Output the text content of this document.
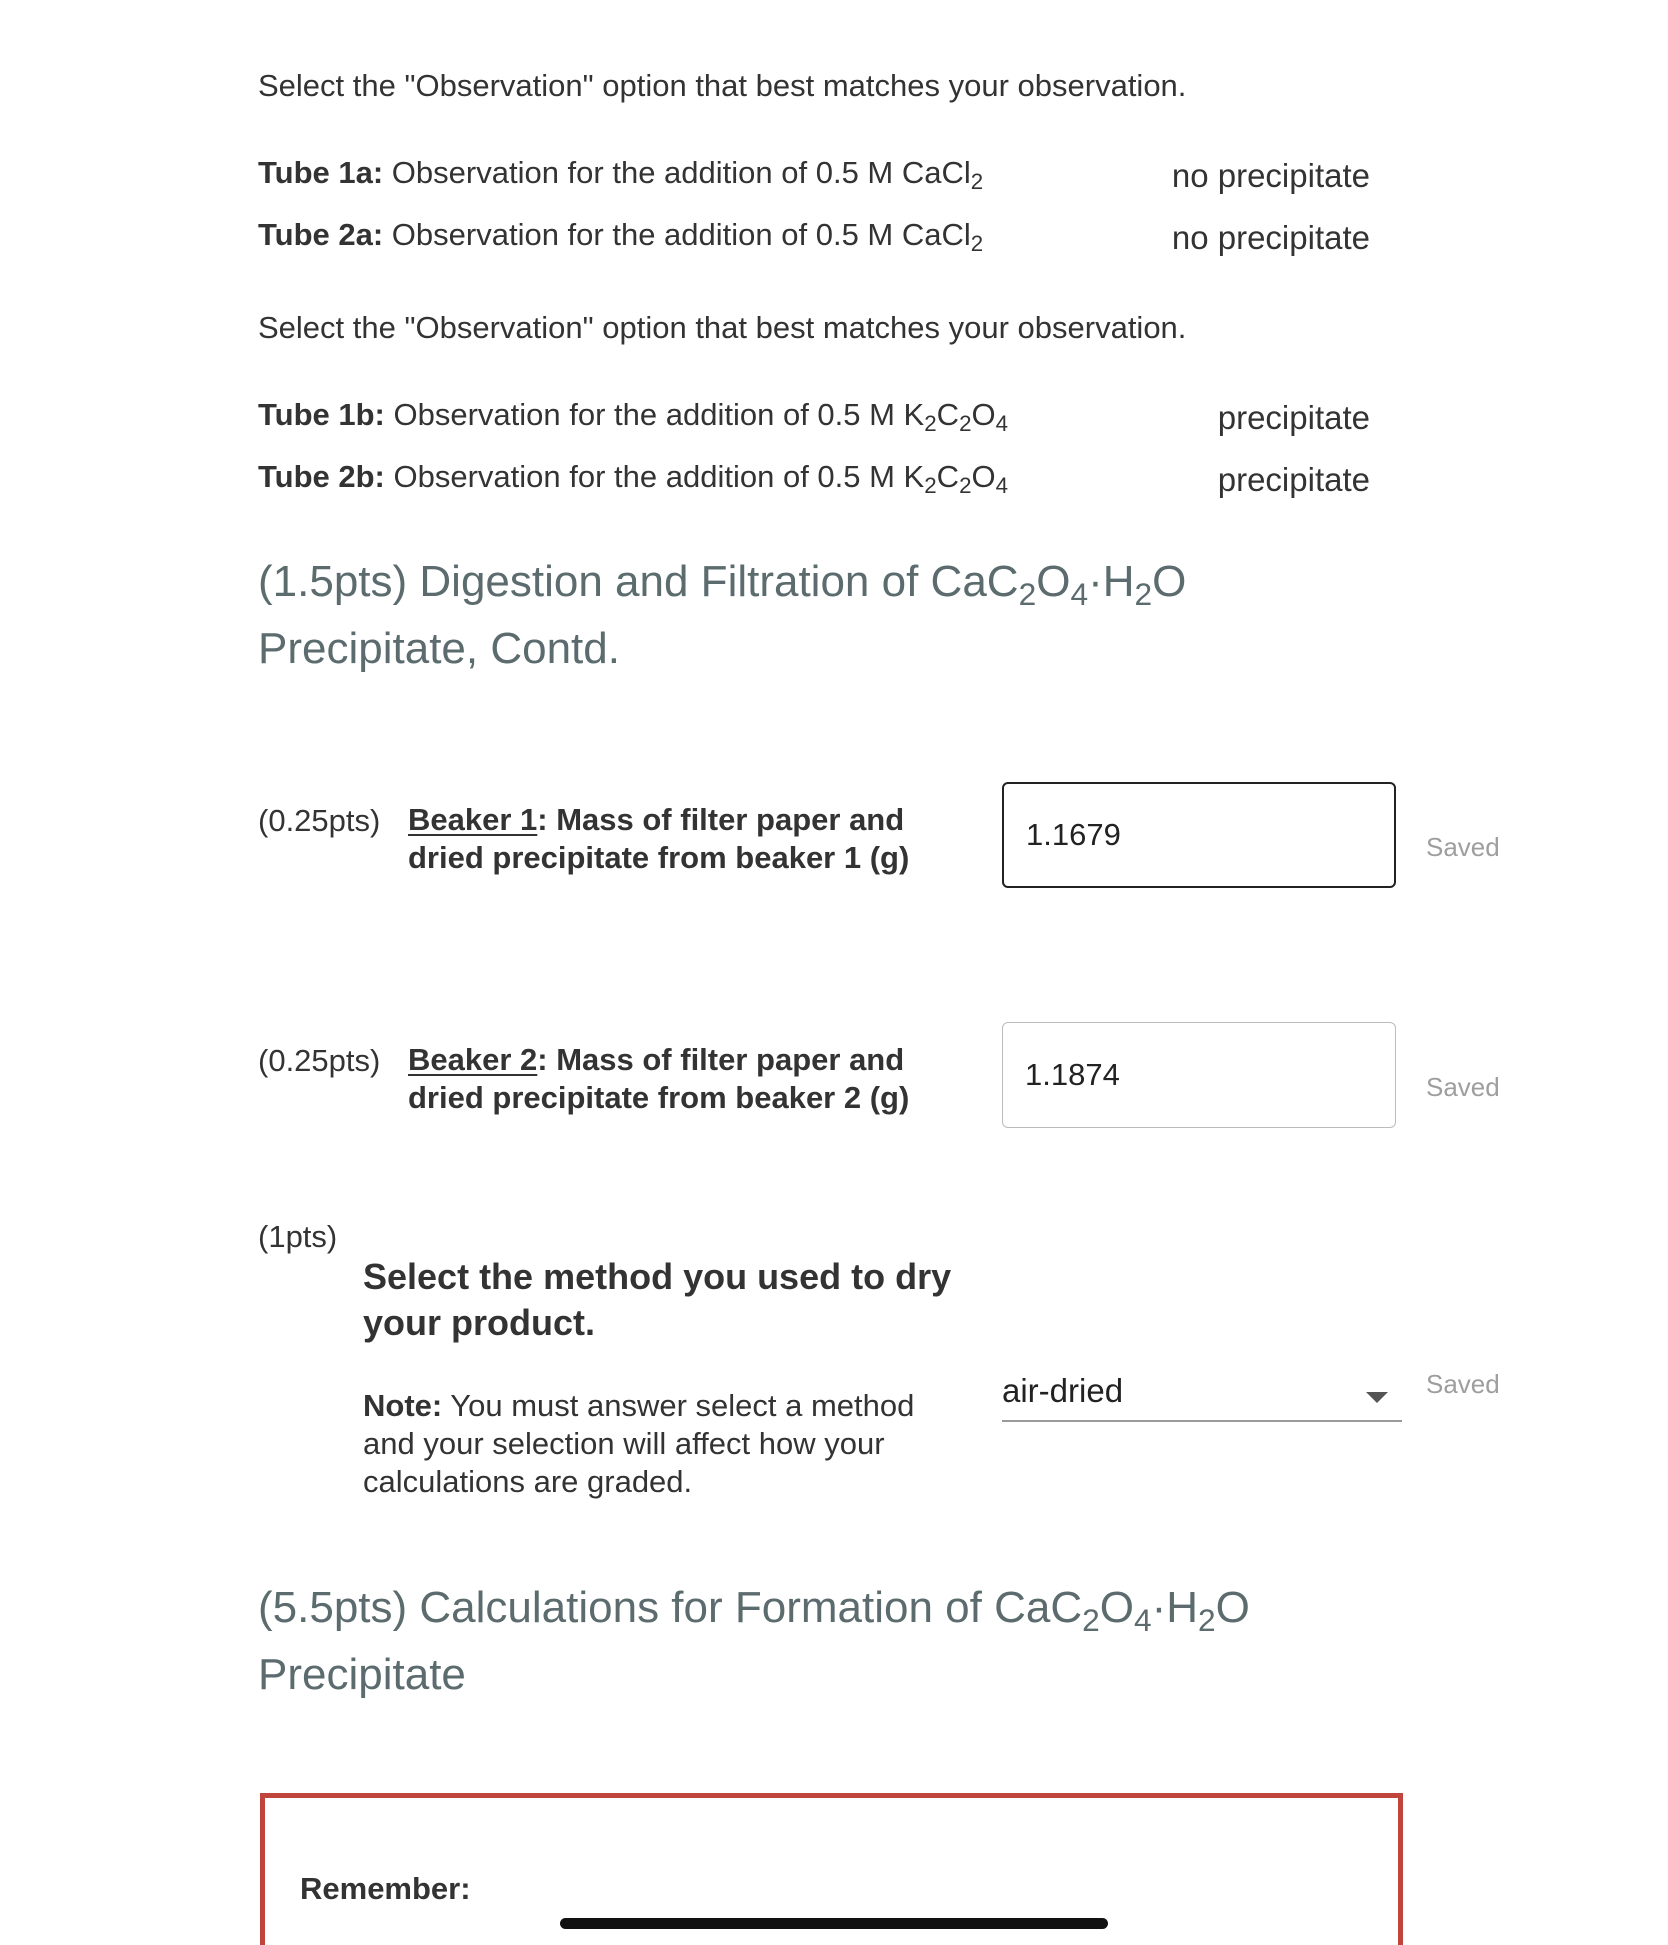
Select the "Observation" option that best matches your observation.
Tube 1a: Observation for the addition of 0.5 M CaCl$_2$	no precipitate
Tube 2a: Observation for the addition of 0.5 M CaCl$_2$	no precipitate
Select the "Observation" option that best matches your observation.
Tube 1b: Observation for the addition of 0.5 M $K_2C_2O_4$	precipitate
Tube 2b: Observation for the addition of 0.5 M $K_2C_2O_4$	precipitate
(1.5pts) Digestion and Filtration of $CaC_2O_4\cdot H_2O$
Precipitate, Contd.
(0.25pts) Beaker 1: Mass of filter paper and
dried precipitate from beaker 1 (g)
1.1679	Saved
(0.25pts) Beaker 2: Mass of filter paper and
dried precipitate from beaker 2 (g)
1.1874	Saved
(1pts)
Select the method you used to dry
your product.
Note: You must answer select a method
and your selection will affect how your
calculations are graded.
air-dried	Saved
(5.5pts) Calculations for Formation of $CaC_2O_4\cdot H_2O$
Precipitate
Remember:
